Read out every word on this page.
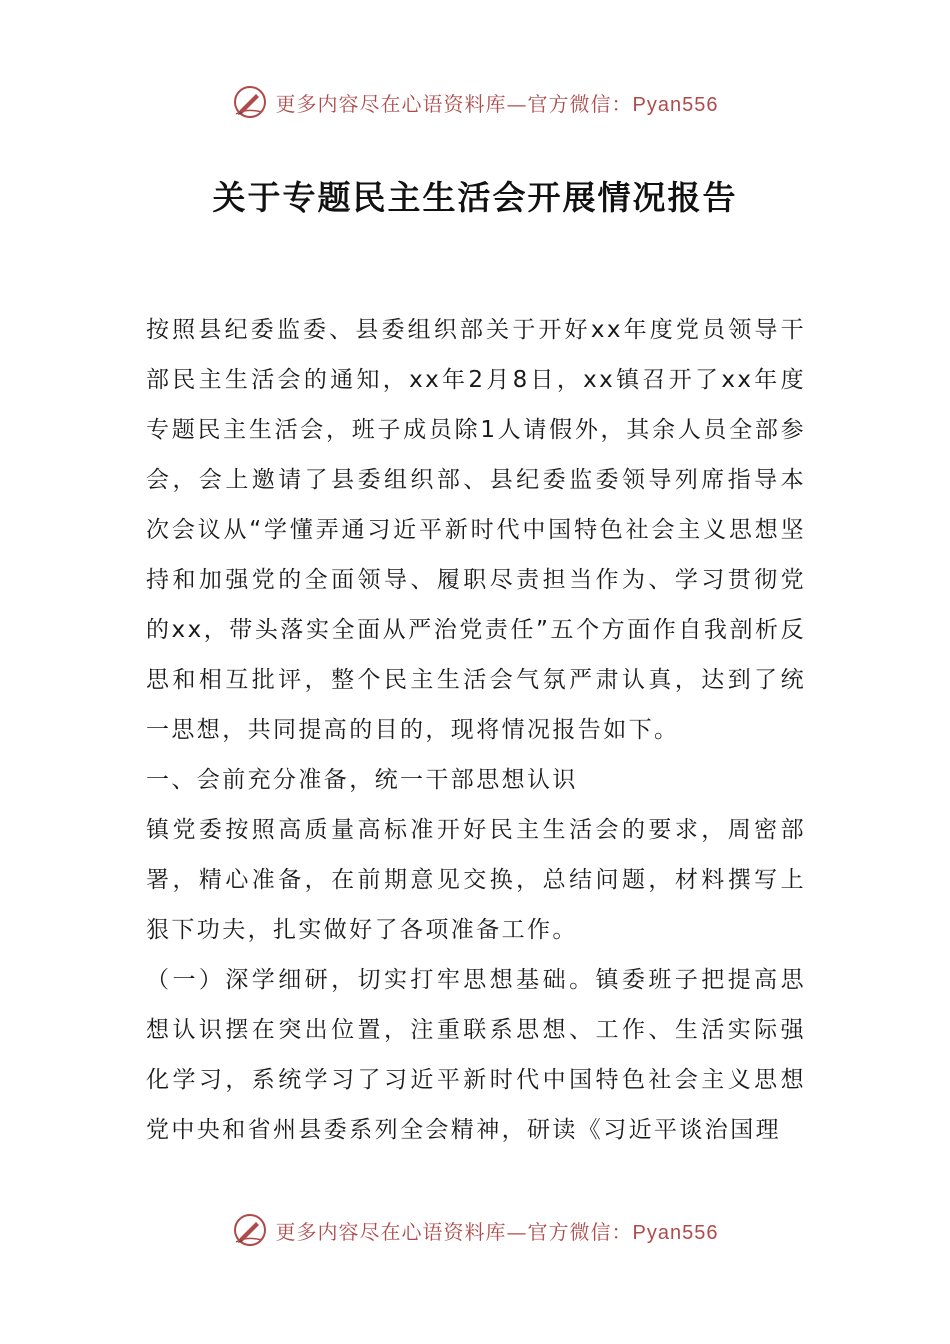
更多内容尽在心语资料库—官方微信：Pyan556
关于专题民主生活会开展情况报告

按照县纪委监委、县委组织部关于开好xx年度党员领导干部民主生活会的通知，xx年2月8日，xx镇召开了xx年度专题民主生活会，班子成员除1人请假外，其余人员全部参会，会上邀请了县委组织部、县纪委监委领导列席指导本次会议从“学懂弄通习近平新时代中国特色社会主义思想坚持和加强党的全面领导、履职尽责担当作为、学习贯彻党的xx，带头落实全面从严治党责任”五个方面作自我剖析反思和相互批评，整个民主生活会气氛严肃认真，达到了统一思想，共同提高的目的，现将情况报告如下。

一、会前充分准备，统一干部思想认识

镇党委按照高质量高标准开好民主生活会的要求，周密部署，精心准备，在前期意见交换，总结问题，材料撰写上狠下功夫，扎实做好了各项准备工作。

（一）深学细研，切实打牢思想基础。镇委班子把提高思想认识摆在突出位置，注重联系思想、工作、生活实际强化学习，系统学习了习近平新时代中国特色社会主义思想党中央和省州县委系列全会精神，研读《习近平谈治国理

更多内容尽在心语资料库—官方微信：Pyan556
